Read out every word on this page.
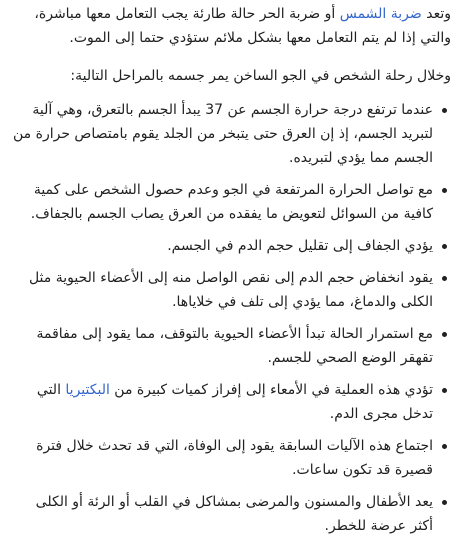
وتعد ضربة الشمس أو ضربة الحر حالة طارئة يجب التعامل معها مباشرة، والتي إذا لم يتم التعامل معها بشكل ملائم ستؤدي حتما إلى الموت.

وخلال رحلة الشخص في الجو الساخن يمر جسمه بالمراحل التالية:

عندما ترتفع درجة حرارة الجسم عن 37 يبدأ الجسم بالتعرق، وهي آلية لتبريد الجسم، إذ إن العرق حتى يتبخر من الجلد يقوم بامتصاص حرارة من الجسم مما يؤدي لتبريده.
مع تواصل الحرارة المرتفعة في الجو وعدم حصول الشخص على كمية كافية من السوائل لتعويض ما يفقده من العرق يصاب الجسم بالجفاف.
يؤدي الجفاف إلى تقليل حجم الدم في الجسم.
يقود انخفاض حجم الدم إلى نقص الواصل منه إلى الأعضاء الحيوية مثل الكلى والدماغ، مما يؤدي إلى تلف في خلاياها.
مع استمرار الحالة تبدأ الأعضاء الحيوية بالتوقف، مما يقود إلى مفاقمة تقهقر الوضع الصحي للجسم.
تؤدي هذه العملية في الأمعاء إلى إفراز كميات كبيرة من البكتيريا التي تدخل مجرى الدم.
اجتماع هذه الآليات السابقة يقود إلى الوفاة، التي قد تحدث خلال فترة قصيرة قد تكون ساعات.
يعد الأطفال والمسنون والمرضى بمشاكل في القلب أو الرئة أو الكلى أكثر عرضة للخطر.
